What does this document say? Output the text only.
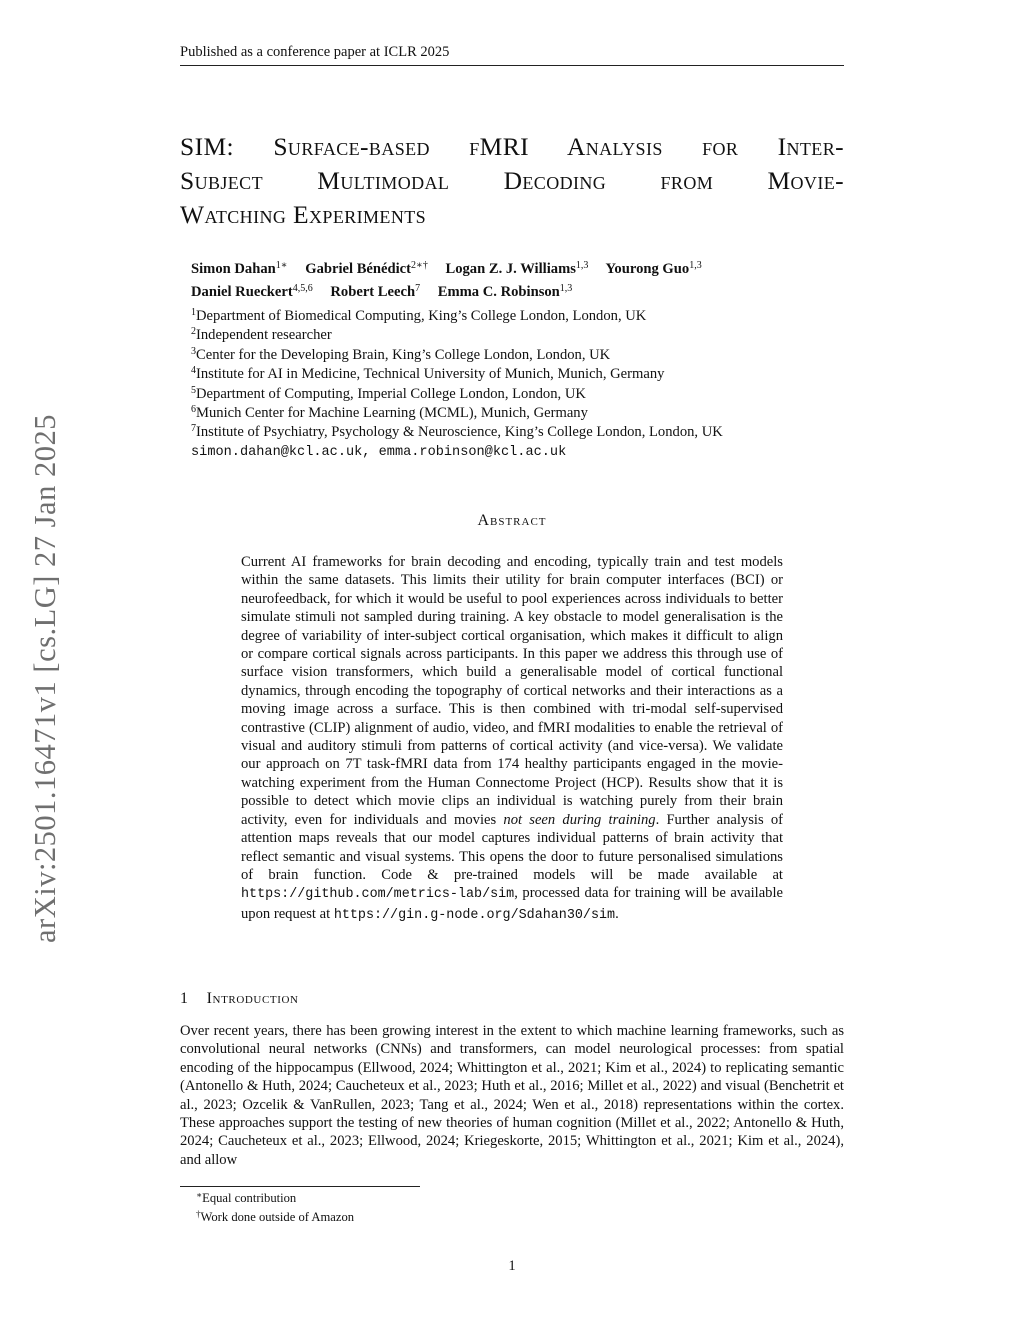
Published as a conference paper at ICLR 2025
arXiv:2501.16471v1 [cs.LG] 27 Jan 2025
SIM: Surface-based fMRI Analysis for Inter-
Subject Multimodal Decoding from Movie-
Watching Experiments
Simon Dahan$^{1∗}$ Gabriel Bénédict$^{2∗\dagger}$ Logan Z. J. Williams$^{1,3}$ Yourong Guo$^{1,3}$
Daniel Rueckert$^{4,5,6}$ Robert Leech$^7$ Emma C. Robinson$^{1,3}$
$^1$Department of Biomedical Computing, King’s College London, London, UK
$^2$Independent researcher
$^3$Center for the Developing Brain, King’s College London, London, UK
$^4$Institute for AI in Medicine, Technical University of Munich, Munich, Germany
$^5$Department of Computing, Imperial College London, London, UK
$^6$Munich Center for Machine Learning (MCML), Munich, Germany
$^7$Institute of Psychiatry, Psychology & Neuroscience, King’s College London, London, UK
simon.dahan@kcl.ac.uk, emma.robinson@kcl.ac.uk
Abstract

Current AI frameworks for brain decoding and encoding, typically train and test models within the same datasets. This limits their utility for brain computer interfaces (BCI) or neurofeedback, for which it would be useful to pool experiences across individuals to better simulate stimuli not sampled during training. A key obstacle to model generalisation is the degree of variability of inter-subject cortical organisation, which makes it difficult to align or compare cortical signals across participants. In this paper we address this through use of surface vision transformers, which build a generalisable model of cortical functional dynamics, through encoding the topography of cortical networks and their interactions as a moving image across a surface. This is then combined with tri-modal self-supervised contrastive (CLIP) alignment of audio, video, and fMRI modalities to enable the retrieval of visual and auditory stimuli from patterns of cortical activity (and vice-versa). We validate our approach on 7T task-fMRI data from 174 healthy participants engaged in the movie-watching experiment from the Human Connectome Project (HCP). Results show that it is possible to detect which movie clips an individual is watching purely from their brain activity, even for individuals and movies not seen during training. Further analysis of attention maps reveals that our model captures individual patterns of brain activity that reflect semantic and visual systems. This opens the door to future personalised simulations of brain function. Code & pre-trained models will be made available at https://github.com/metrics-lab/sim, processed data for training will be available upon request at https://gin.g-node.org/Sdahan30/sim.

1 Introduction

Over recent years, there has been growing interest in the extent to which machine learning frameworks, such as convolutional neural networks (CNNs) and transformers, can model neurological processes: from spatial encoding of the hippocampus (Ellwood, 2024; Whittington et al., 2021; Kim et al., 2024) to replicating semantic (Antonello & Huth, 2024; Caucheteux et al., 2023; Huth et al., 2016; Millet et al., 2022) and visual (Benchetrit et al., 2023; Ozcelik & VanRullen, 2023; Tang et al., 2024; Wen et al., 2018) representations within the cortex. These approaches support the testing of new theories of human cognition (Millet et al., 2022; Antonello & Huth, 2024; Caucheteux et al., 2023; Ellwood, 2024; Kriegeskorte, 2015; Whittington et al., 2021; Kim et al., 2024), and allow

∗Equal contribution
†Work done outside of Amazon
1
